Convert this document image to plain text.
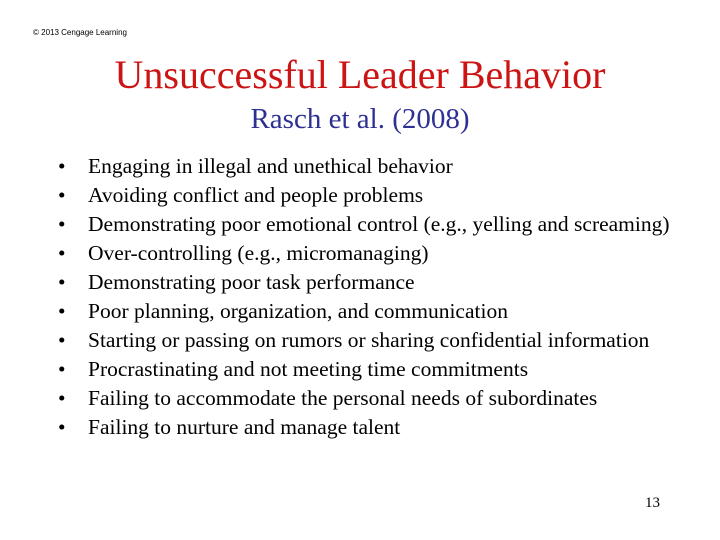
© 2013 Cengage Learning
Unsuccessful Leader Behavior
Rasch et al. (2008)
•	Engaging in illegal and unethical behavior
•	Avoiding conflict and people problems
•	Demonstrating poor emotional control (e.g., yelling and screaming)
•	Over-controlling (e.g., micromanaging)
•	Demonstrating poor task performance
•	Poor planning, organization, and communication
•	Starting or passing on rumors or sharing confidential information
•	Procrastinating and not meeting time commitments
•	Failing to accommodate the personal needs of subordinates
•	Failing to nurture and manage talent
13
